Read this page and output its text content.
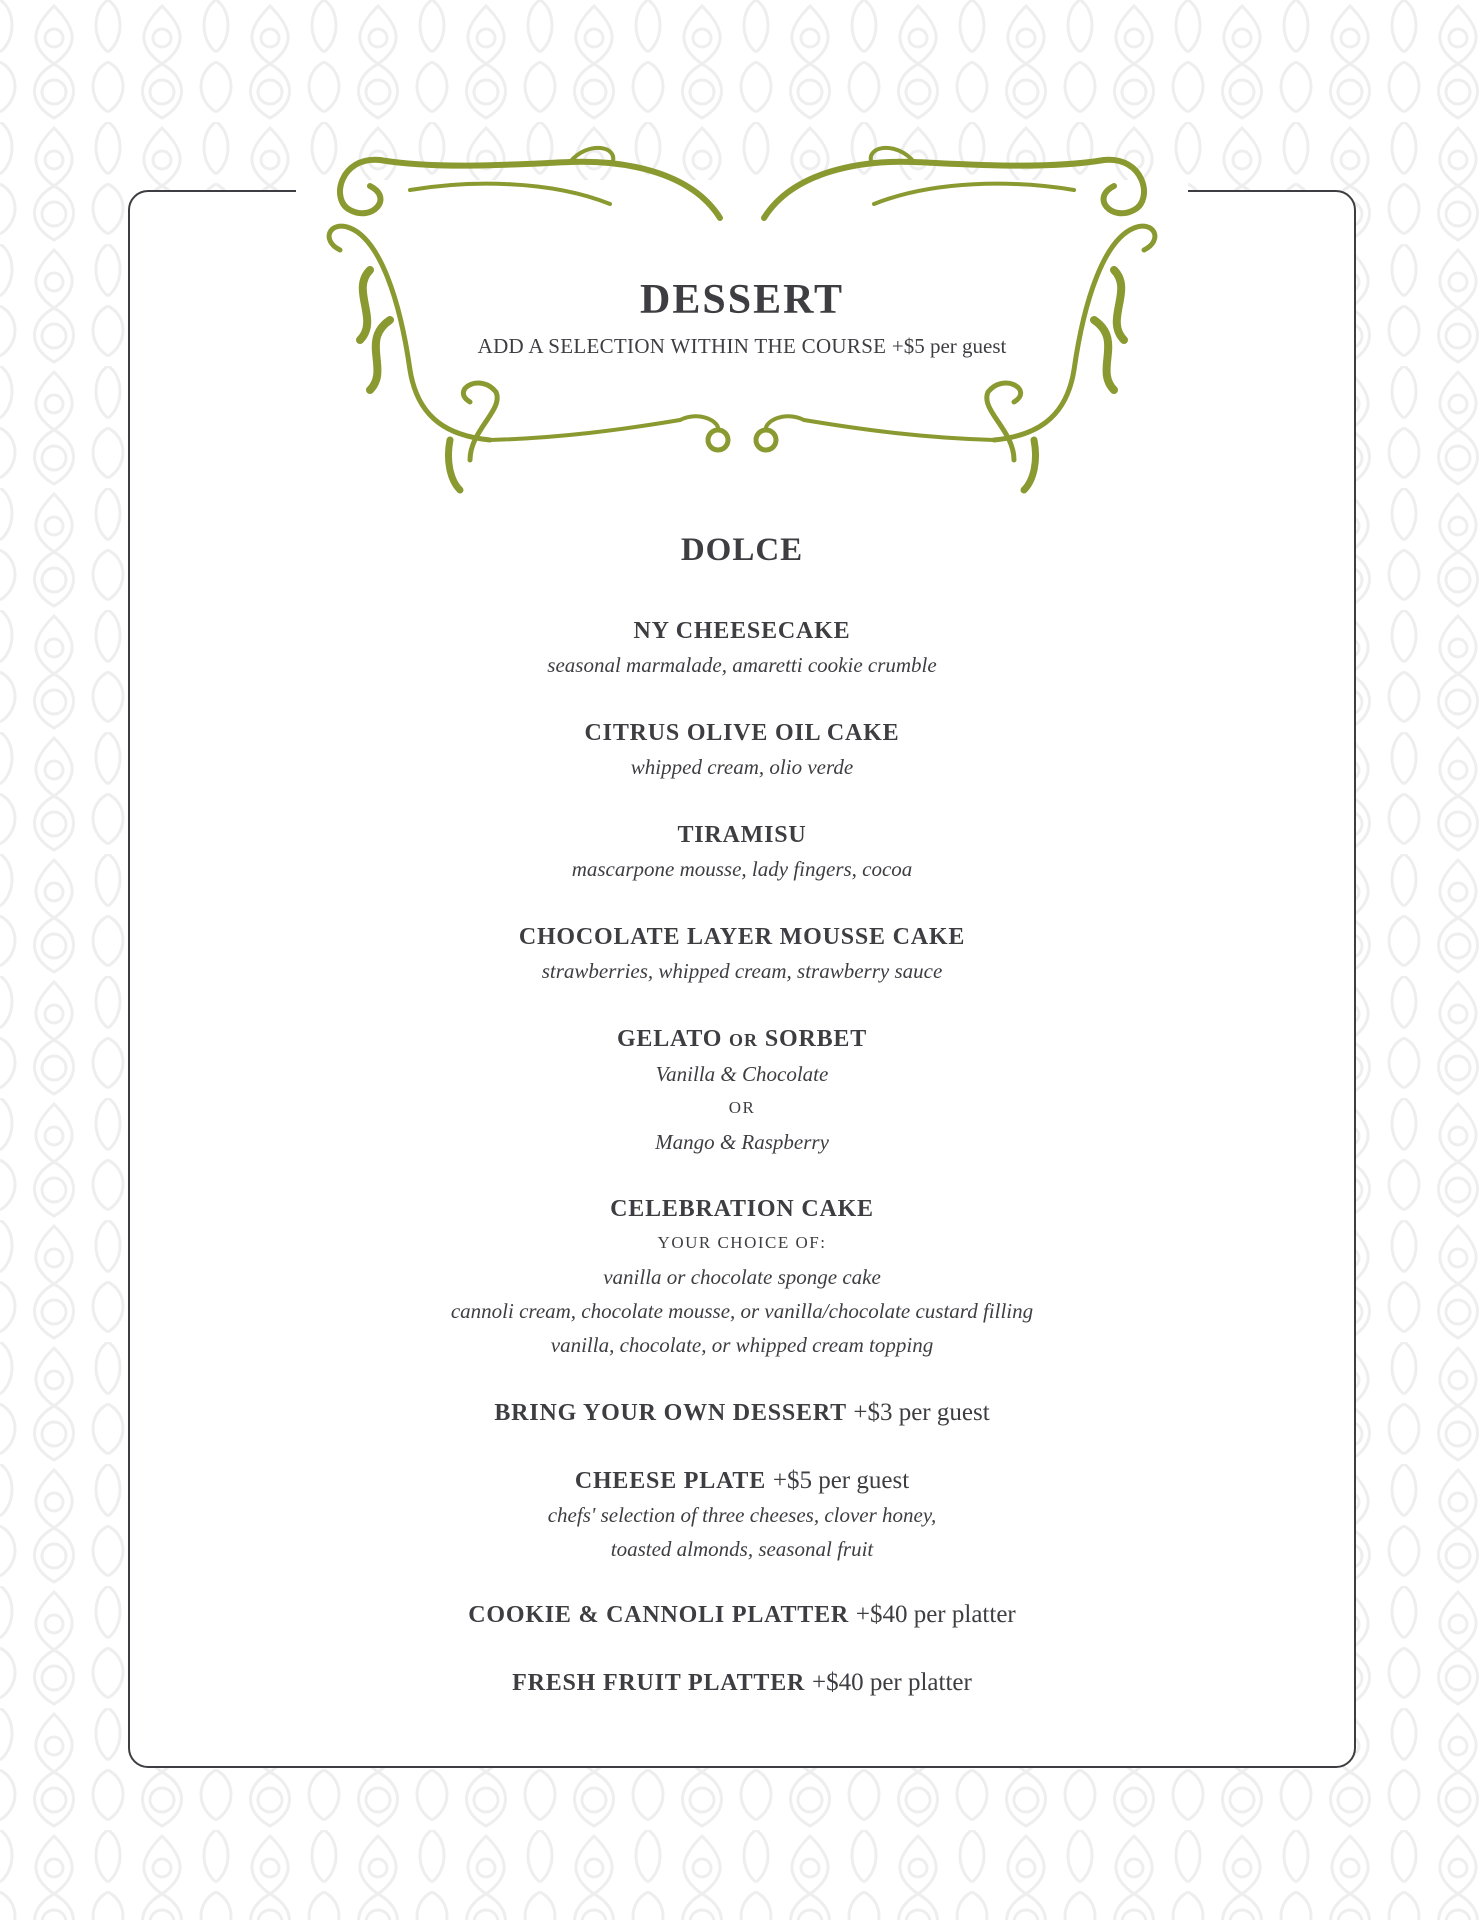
DESSERT
ADD A SELECTION WITHIN THE COURSE +$5 per guest
DOLCE
NY CHEESECAKE
seasonal marmalade, amaretti cookie crumble
CITRUS OLIVE OIL CAKE
whipped cream, olio verde
TIRAMISU
mascarpone mousse, lady fingers, cocoa
CHOCOLATE LAYER MOUSSE CAKE
strawberries, whipped cream, strawberry sauce
GELATO OR SORBET
Vanilla & Chocolate
OR
Mango & Raspberry
CELEBRATION CAKE
YOUR CHOICE OF:
vanilla or chocolate sponge cake
cannoli cream, chocolate mousse, or vanilla/chocolate custard filling
vanilla, chocolate, or whipped cream topping
BRING YOUR OWN DESSERT +$3 per guest
CHEESE PLATE +$5 per guest
chefs' selection of three cheeses, clover honey,
toasted almonds, seasonal fruit
COOKIE & CANNOLI PLATTER +$40 per platter
FRESH FRUIT PLATTER +$40 per platter
